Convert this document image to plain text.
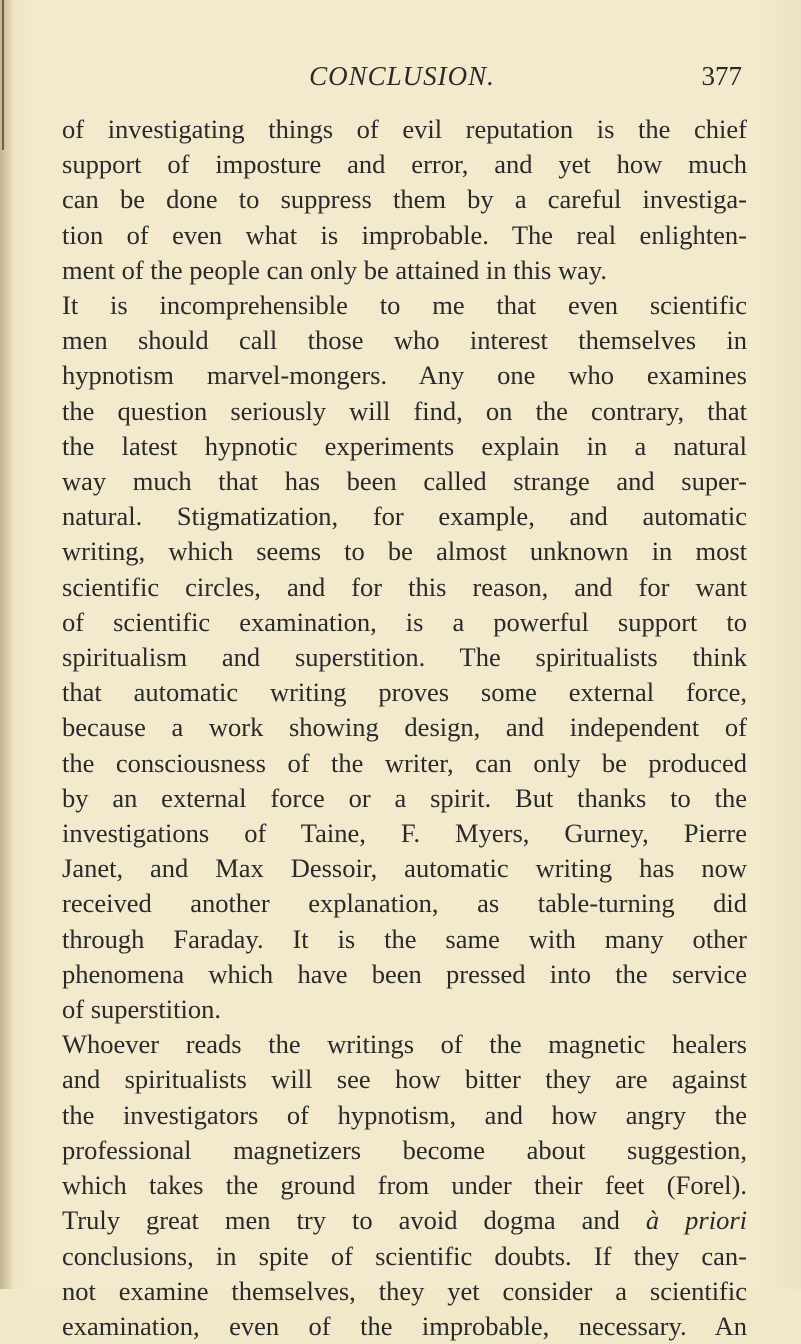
CONCLUSION.	377
of investigating things of evil reputation is the chief
support of imposture and error, and yet how much
can be done to suppress them by a careful investiga-
tion of even what is improbable. The real enlighten-
ment of the people can only be attained in this way.
It is incomprehensible to me that even scientific
men should call those who interest themselves in
hypnotism marvel-mongers. Any one who examines
the question seriously will find, on the contrary, that
the latest hypnotic experiments explain in a natural
way much that has been called strange and super-
natural. Stigmatization, for example, and automatic
writing, which seems to be almost unknown in most
scientific circles, and for this reason, and for want
of scientific examination, is a powerful support to
spiritualism and superstition. The spiritualists think
that automatic writing proves some external force,
because a work showing design, and independent of
the consciousness of the writer, can only be produced
by an external force or a spirit. But thanks to the
investigations of Taine, F. Myers, Gurney, Pierre
Janet, and Max Dessoir, automatic writing has now
received another explanation, as table-turning did
through Faraday. It is the same with many other
phenomena which have been pressed into the service
of superstition.
Whoever reads the writings of the magnetic healers
and spiritualists will see how bitter they are against
the investigators of hypnotism, and how angry the
professional magnetizers become about suggestion,
which takes the ground from under their feet (Forel).
Truly great men try to avoid dogma and à priori
conclusions, in spite of scientific doubts. If they can-
not examine themselves, they yet consider a scientific
examination, even of the improbable, necessary. An
